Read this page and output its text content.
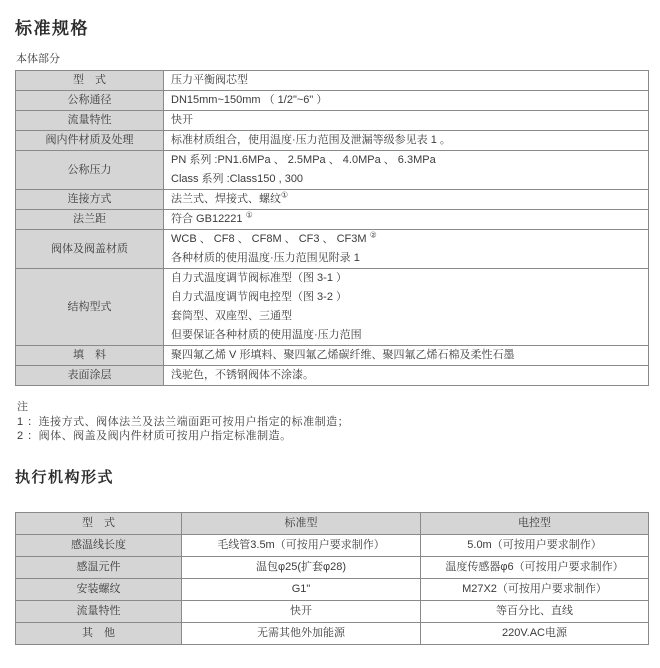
标准规格
本体部分
型　式	压力平衡阀芯型

公称通径	DN15mm~150mm （ 1/2"~6" ）

流量特性	快开

阀内件材质及处理	标准材质组合，使用温度·压力范围及泄漏等级参见表 1 。

公称压力	PN 系列 :PN1.6MPa 、 2.5MPa 、 4.0MPa 、 6.3MPa
Class 系列 :Class150 , 300

连接方式	法兰式、焊接式、螺纹①

法兰距	符合 GB12221 ①

阀体及阀盖材质	WCB 、 CF8 、 CF8M 、 CF3 、 CF3M ②
各种材质的使用温度·压力范围见附录 1

结构型式	自力式温度调节阀标准型（图 3-1 ）
自力式温度调节阀电控型（图 3-2 ）
套筒型、双座型、三通型
但要保证各种材质的使用温度·压力范围

填　料	聚四氟乙烯 V 形填料、聚四氟乙烯碳纤维、聚四氟乙烯石棉及柔性石墨

表面涂层	浅驼色，不锈钢阀体不涂漆。
注
1 ：连接方式、阀体法兰及法兰端面距可按用户指定的标准制造；
2 ：阀体、阀盖及阀内件材质可按用户指定标准制造。
执行机构形式
型　式	标准型	电控型
感温线长度	毛线管3.5m（可按用户要求制作）	5.0m（可按用户要求制作）
感温元件	温包φ25(扩套φ28)	温度传感器φ6（可按用户要求制作）
安装螺纹	G1"	M27X2（可按用户要求制作）
流量特性	快开	等百分比、直线
其　他	无需其他外加能源	220V.AC电源
